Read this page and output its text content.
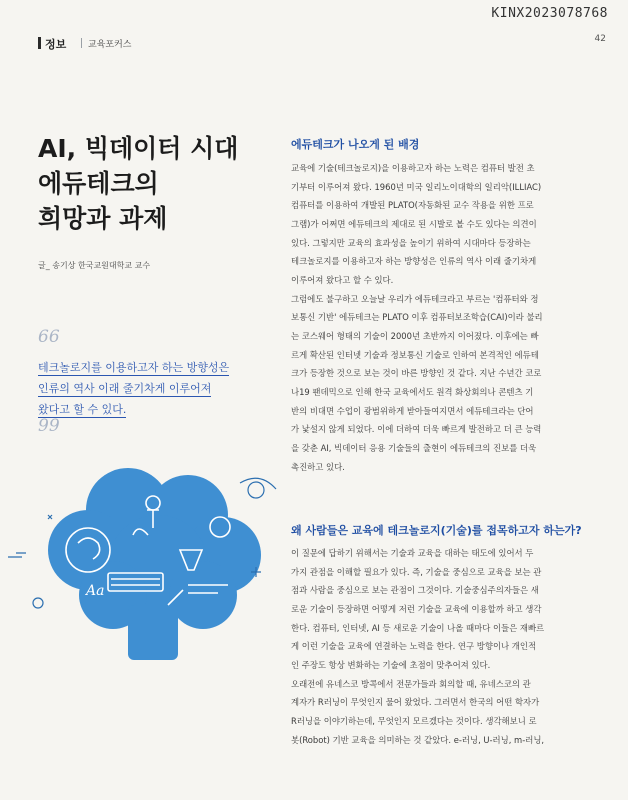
KINX2023078768
42
정보 교육포커스
AI, 빅데이터 시대
에듀테크의
희망과 과제
글_ 송기상 한국교원대학교 교수
66
테크놀로지를 이용하고자 하는 방향성은
인류의 역사 이래 줄기차게 이루어져
왔다고 할 수 있다.
99
에듀테크가 나오게 된 배경
교육에 기술(테크놀로지)을 이용하고자 하는 노력은 컴퓨터 발전 초
기부터 이루어져 왔다. 1960년 미국 일리노이대학의 일리악(ILLIAC)
컴퓨터를 이용하여 개발된 PLATO(자동화된 교수 작용을 위한 프로
그램)가 어쩌면 에듀테크의 제대로 된 시발로 볼 수도 있다는 의견이
있다. 그렇지만 교육의 효과성을 높이기 위하여 시대마다 등장하는
테크놀로지를 이용하고자 하는 방향성은 인류의 역사 이래 줄기차게
이루어져 왔다고 할 수 있다.
그럼에도 불구하고 오늘날 우리가 에듀테크라고 부르는 '컴퓨터와 정
보통신 기반' 에듀테크는 PLATO 이후 컴퓨터보조학습(CAI)이라 불리
는 코스웨어 형태의 기술이 2000년 초반까지 이어졌다. 이후에는 빠
르게 확산된 인터넷 기술과 정보통신 기술로 인하여 본격적인 에듀테
크가 등장한 것으로 보는 것이 바른 방향인 것 같다. 지난 수년간 코로
나19 팬데믹으로 인해 한국 교육에서도 원격 화상회의나 콘텐츠 기
반의 비대면 수업이 광범위하게 받아들여지면서 에듀테크라는 단어
가 낯설지 않게 되었다. 이에 더하여 더욱 빠르게 발전하고 더 큰 능력
을 갖춘 AI, 빅데이터 응용 기술들의 출현이 에듀테크의 진보를 더욱
촉진하고 있다.
왜 사람들은 교육에 테크놀로지(기술)를 접목하고자 하는가?
이 질문에 답하기 위해서는 기술과 교육을 대하는 태도에 있어서 두
가지 관점을 이해할 필요가 있다. 즉, 기술을 중심으로 교육을 보는 관
점과 사람을 중심으로 보는 관점이 그것이다. 기술중심주의자들은 새
로운 기술이 등장하면 어떻게 저런 기술을 교육에 이용할까 하고 생각
한다. 컴퓨터, 인터넷, AI 등 새로운 기술이 나올 때마다 이들은 재빠르
게 이런 기술을 교육에 연결하는 노력을 한다. 연구 방향이나 개인적
인 주장도 항상 변화하는 기술에 초점이 맞추어져 있다.
오래전에 유네스코 방콕에서 전문가들과 회의할 때, 유네스코의 관
계자가 R러닝이 무엇인지 물어 왔었다. 그러면서 한국의 어떤 학자가
R러닝을 이야기하는데, 무엇인지 모르겠다는 것이다. 생각해보니 로
봇(Robot) 기반 교육을 의미하는 것 같았다. e-러닝, U-러닝, m-러닝,
Aa
